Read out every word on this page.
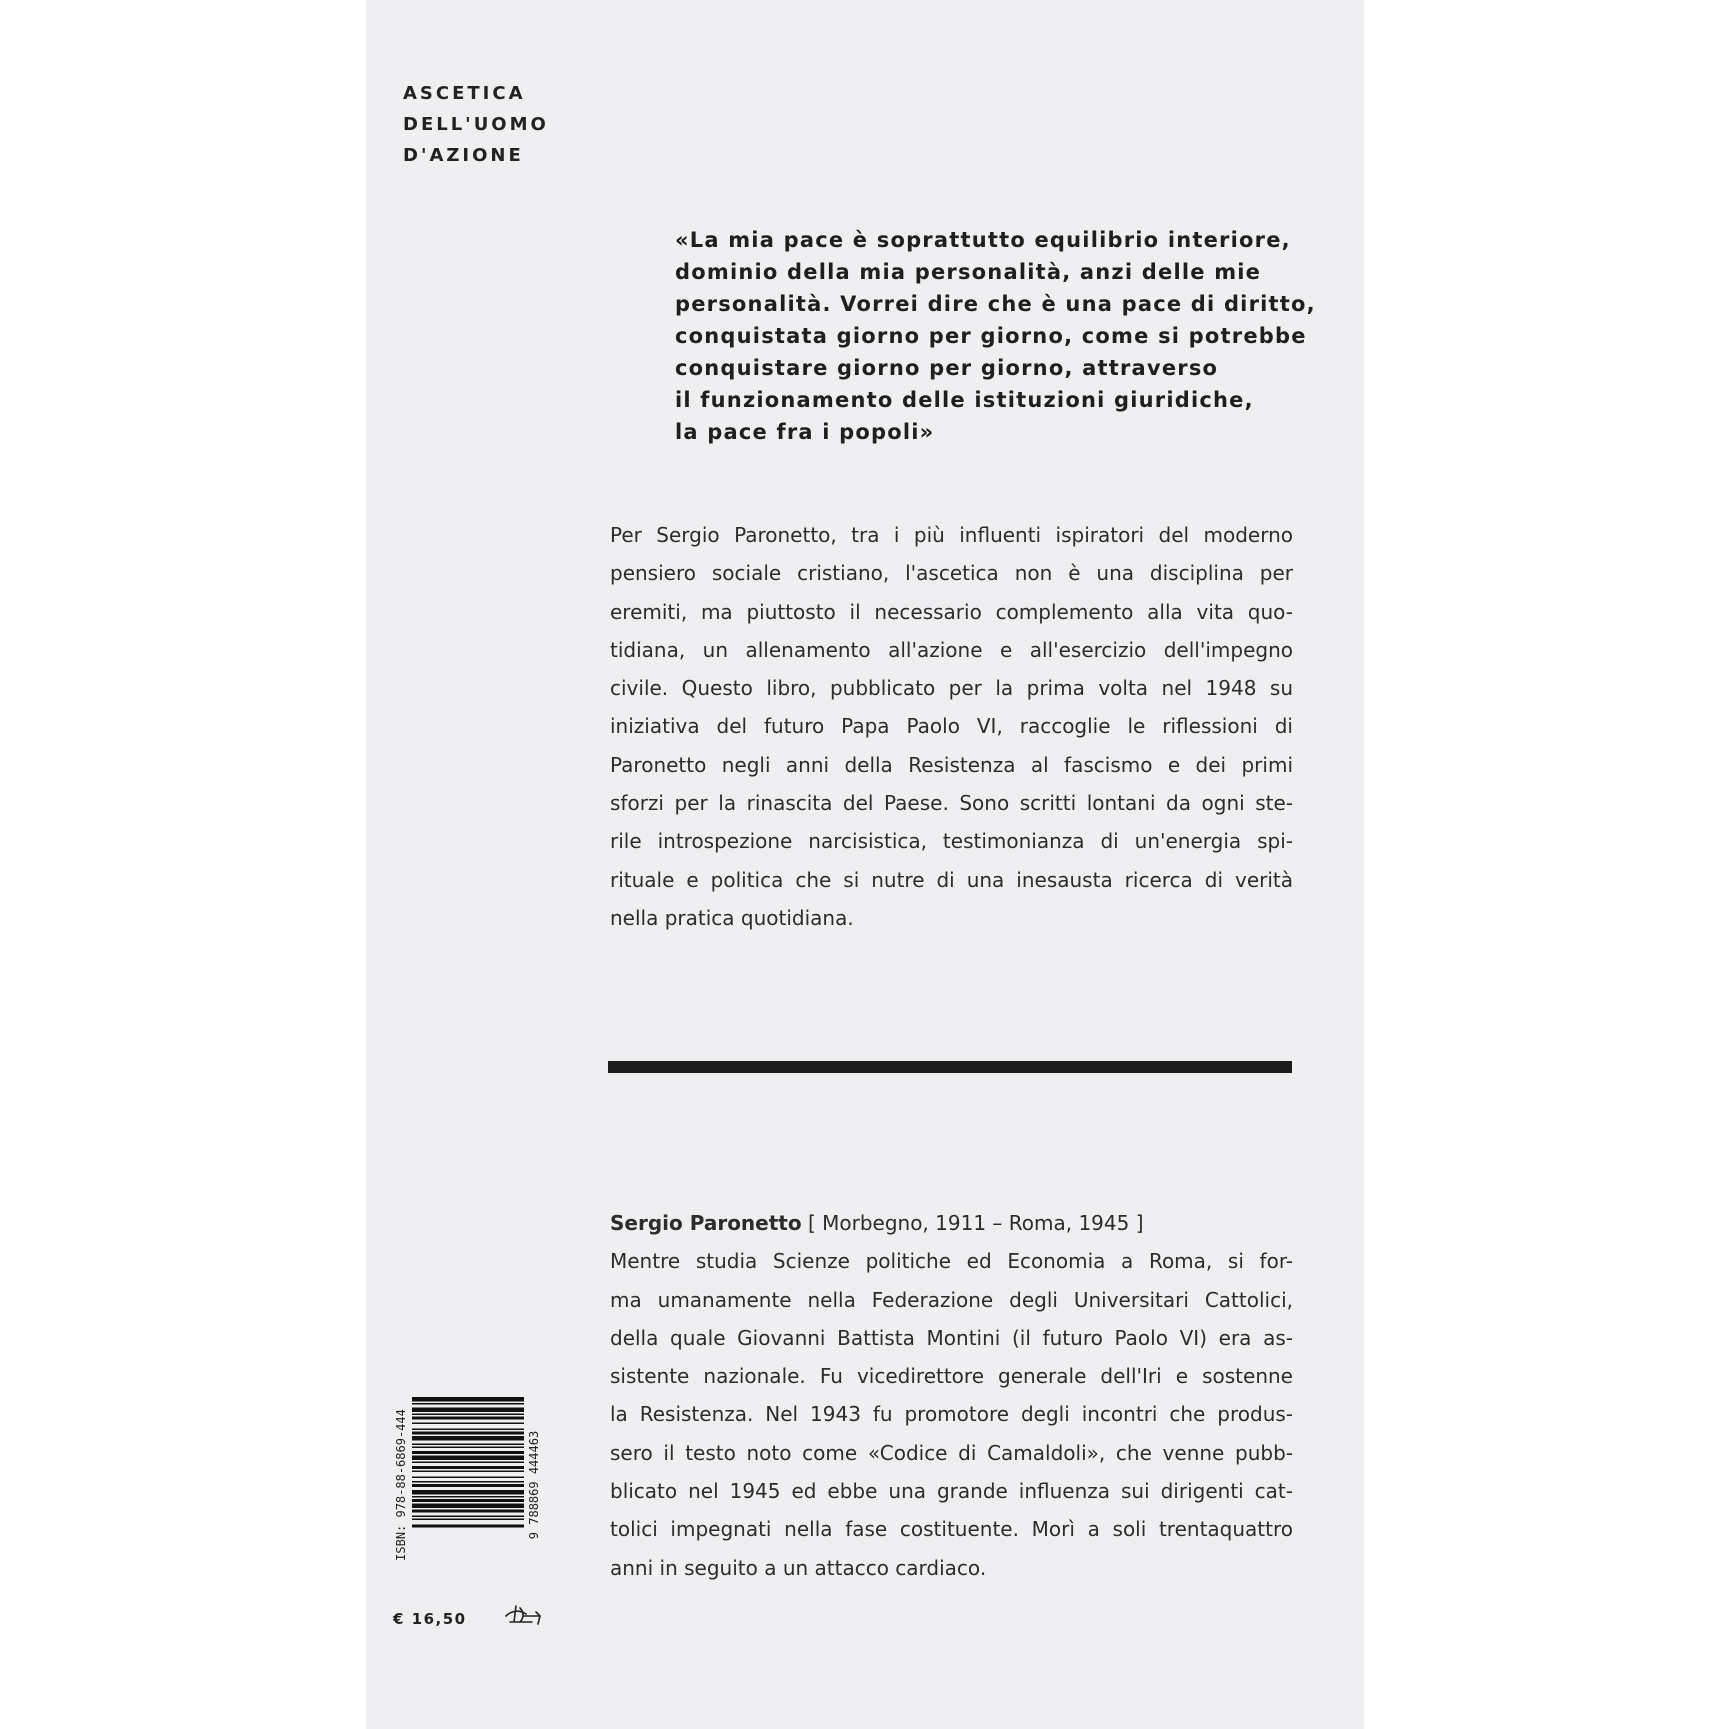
ASCETICA
DELL'UOMO
D'AZIONE
«La mia pace è soprattutto equilibrio interiore,
dominio della mia personalità, anzi delle mie
personalità. Vorrei dire che è una pace di diritto,
conquistata giorno per giorno, come si potrebbe
conquistare giorno per giorno, attraverso
il funzionamento delle istituzioni giuridiche,
la pace fra i popoli»
Per Sergio Paronetto, tra i più influenti ispiratori del moderno
pensiero sociale cristiano, l'ascetica non è una disciplina per
eremiti, ma piuttosto il necessario complemento alla vita quo-
tidiana, un allenamento all'azione e all'esercizio dell'impegno
civile. Questo libro, pubblicato per la prima volta nel 1948 su
iniziativa del futuro Papa Paolo VI, raccoglie le riflessioni di
Paronetto negli anni della Resistenza al fascismo e dei primi
sforzi per la rinascita del Paese. Sono scritti lontani da ogni ste-
rile introspezione narcisistica, testimonianza di un'energia spi-
rituale e politica che si nutre di una inesausta ricerca di verità
nella pratica quotidiana.
Sergio Paronetto [ Morbegno, 1911 – Roma, 1945 ]
Mentre studia Scienze politiche ed Economia a Roma, si for-
ma umanamente nella Federazione degli Universitari Cattolici,
della quale Giovanni Battista Montini (il futuro Paolo VI) era as-
sistente nazionale. Fu vicedirettore generale dell'Iri e sostenne
la Resistenza. Nel 1943 fu promotore degli incontri che produs-
sero il testo noto come «Codice di Camaldoli», che venne pubb-
blicato nel 1945 ed ebbe una grande influenza sui dirigenti cat-
tolici impegnati nella fase costituente. Morì a soli trentaquattro
anni in seguito a un attacco cardiaco.
ISBN: 978-88-6869-444	9 788869 444463
€ 16,50
